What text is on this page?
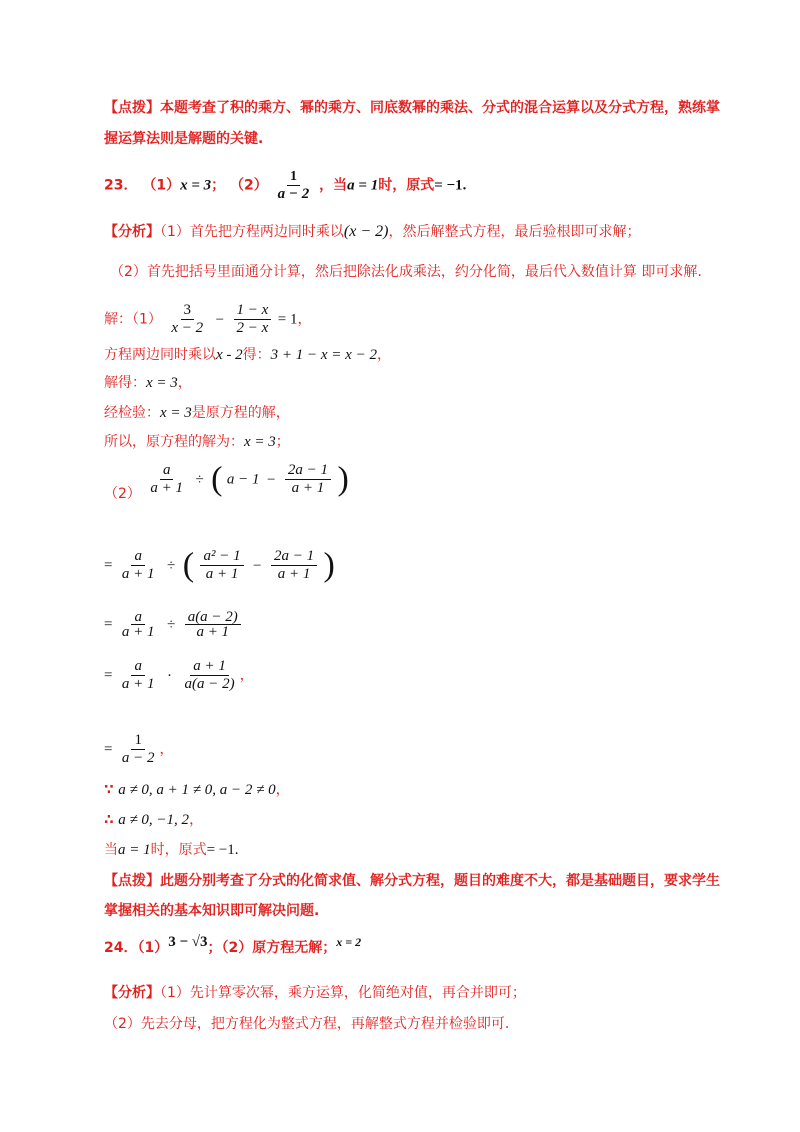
【点拨】本题考查了积的乘方、幂的乘方、同底数幂的乘法、分式的混合运算以及分式方程，熟练掌
握运算法则是解题的关键.
23． （1）x = 3； $(2) \frac{1}{a - 2}$ ，当a = 1时，原式= −1.
【分析】（1）首先把方程两边同时乘以(x − 2)，然后解整式方程，最后验根即可求解；
（2）首先把括号里面通分计算，然后把除法化成乘法，约分化简，最后代入数值计算 即可求解.
解：$(1) \frac{3}{x - 2} - \frac{1 - x}{2 - x} = 1$，
方程两边同时乘以x - 2得：3 + 1 − x = x − 2，
解得：x = 3，
经检验：x = 3是原方程的解，
所以，原方程的解为：x = 3；
$(2) \frac{a}{a + 1}$ ÷ ( $a - 1 - \frac{2a - 1}{a + 1}$ )
= $\frac{a}{a + 1}$ ÷ ( $\frac{\text{a² − 1}}{a + 1} - \frac{2a - 1}{a + 1}$ )
= $\frac{a}{a + 1} \div \frac{a(a - 2)}{a + 1}$
= $\frac{a}{a + 1} \cdot \frac{a + 1}{a(a - 2)}$ ，
= $\frac{1}{a - 2}$ ，
∵ a ≠ 0, a + 1 ≠ 0, a − 2 ≠ 0，
∴ a ≠ 0, −1, 2，
当a = 1时，原式= −1.
【点拨】此题分别考查了分式的化简求值、解分式方程，题目的难度不大，都是基础题目，要求学生
掌握相关的基本知识即可解决问题.
24．（1）3 − √3；（2）原方程无解；x = 2
【分析】（1）先计算零次幂，乘方运算，化简绝对值，再合并即可；
（2）先去分母，把方程化为整式方程，再解整式方程并检验即可.
